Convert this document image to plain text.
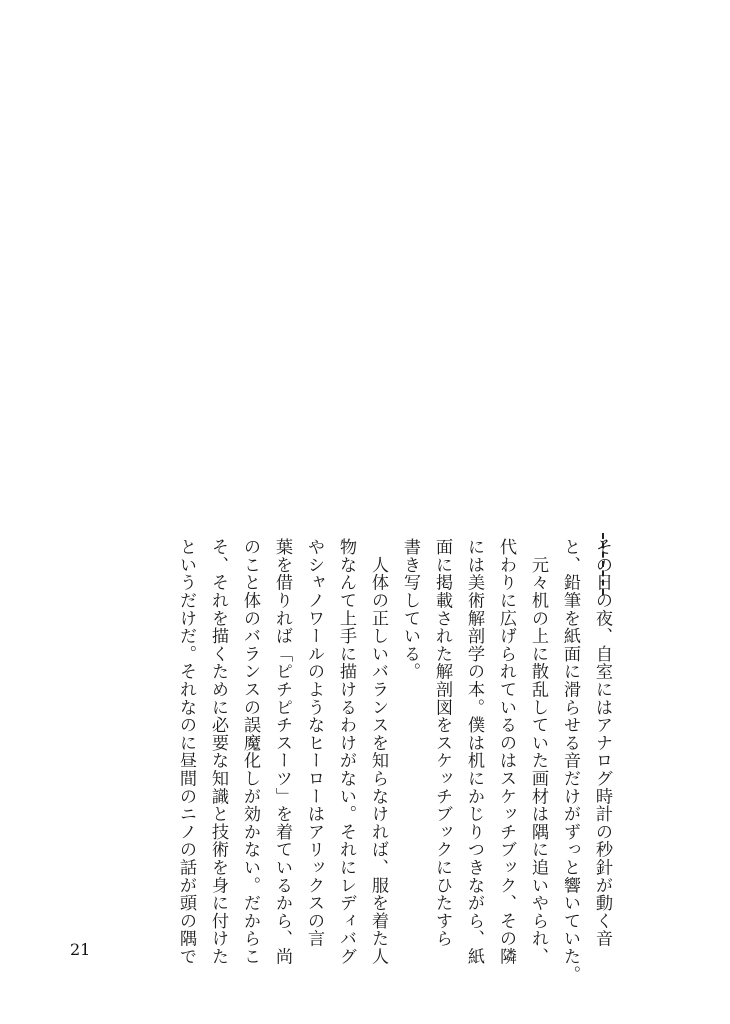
その日の夜、自室にはアナログ時計の秒針が動く音
と、鉛筆を紙面に滑らせる音だけがずっと響いていた。
　元々机の上に散乱していた画材は隅に追いやられ、
代わりに広げられているのはスケッチブック、その隣
には美術解剖学の本。僕は机にかじりつきながら、紙
面に掲載された解剖図をスケッチブックにひたすら
書き写している。
　人体の正しいバランスを知らなければ、服を着た人
物なんて上手に描けるわけがない。それにレディバグ
やシャノワールのようなヒーローはアリックスの言
葉を借りれば「ピチピチスーツ」を着ているから、尚
のこと体のバランスの誤魔化しが効かない。だからこ
そ、それを描くために必要な知識と技術を身に付けた
というだけだ。それなのに昼間のニノの話が頭の隅で
21
